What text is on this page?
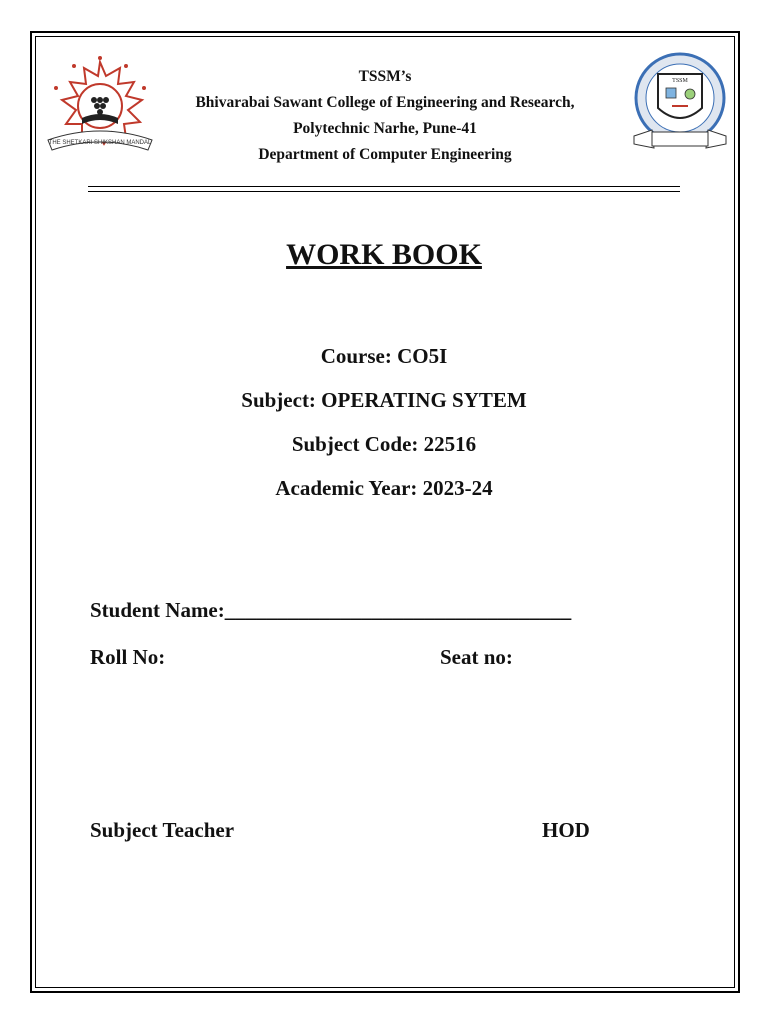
THE SHETKARI SHIKSHAN MANDAL
TSSM
TSSM’s
Bhivarabai Sawant College of Engineering and Research,
Polytechnic Narhe, Pune-41
Department of Computer Engineering
WORK BOOK
Course: CO5I
Subject: OPERATING SYTEM
Subject Code: 22516
Academic Year: 2023-24
Student Name:_________________________________
Roll No:	Seat no:
Subject Teacher	HOD
